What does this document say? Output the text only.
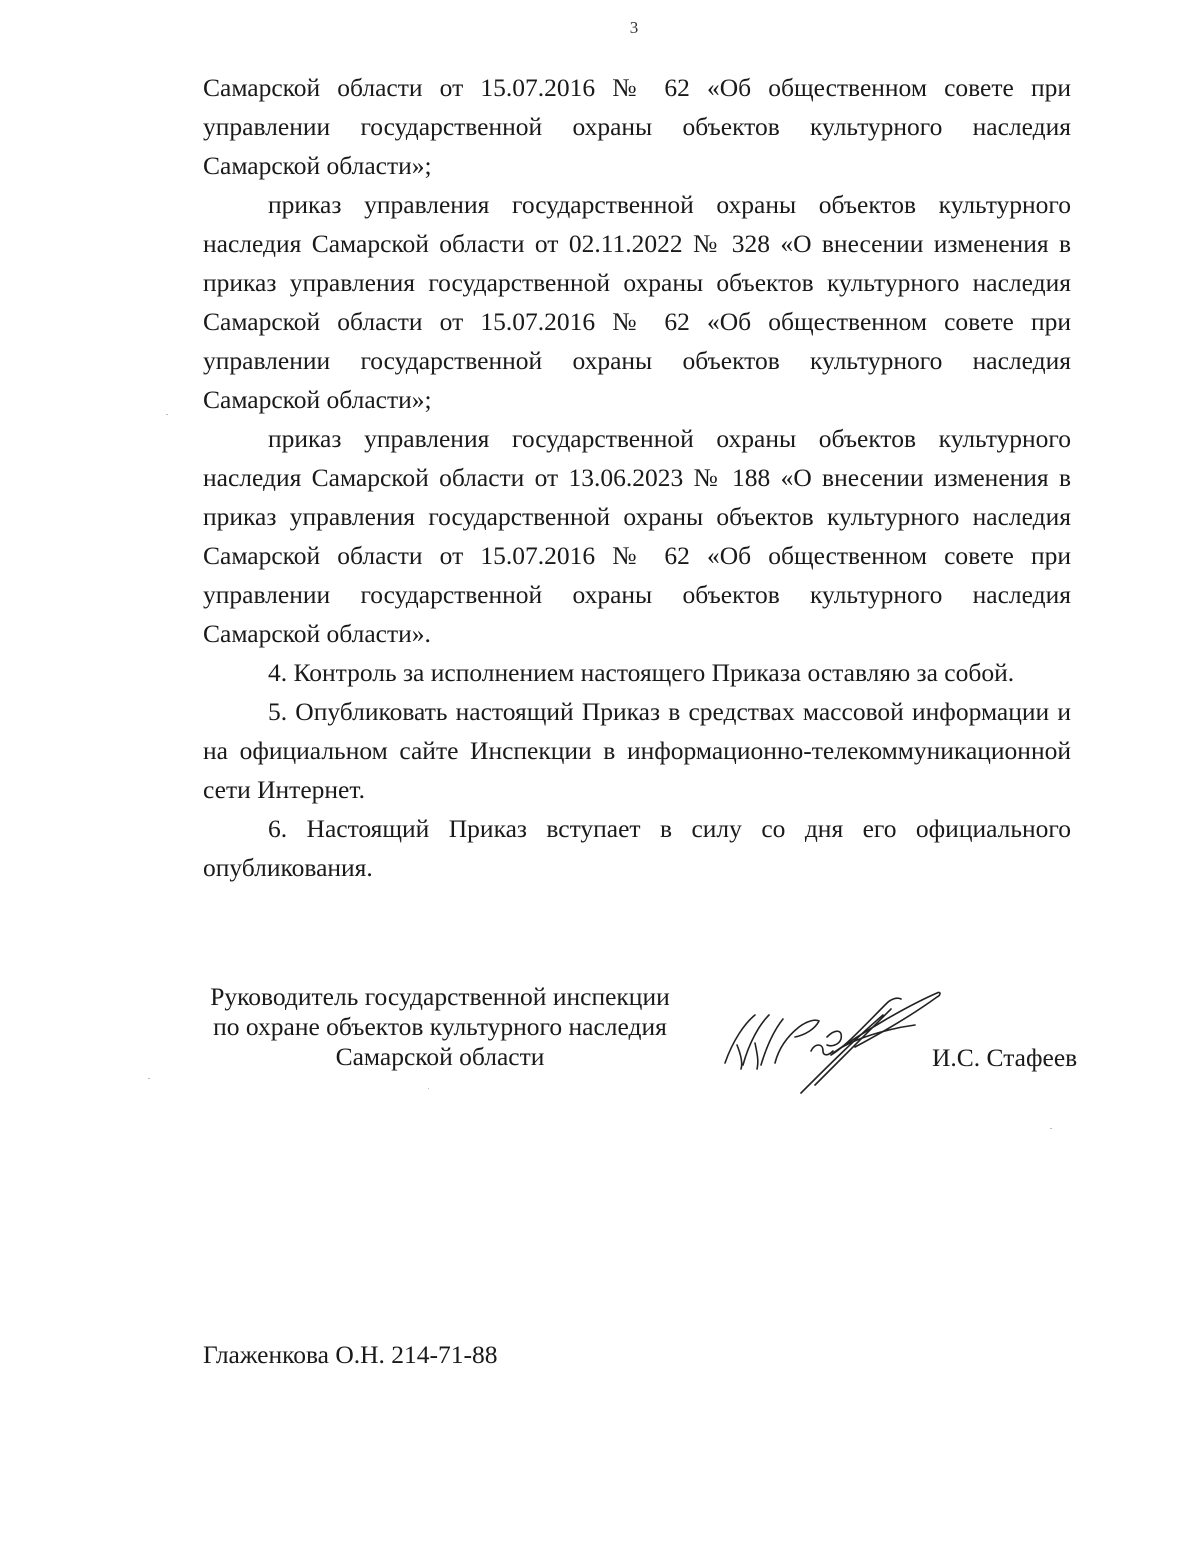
3

Самарской области от 15.07.2016 № 62 «Об общественном совете при управлении государственной охраны объектов культурного наследия Самарской области»;

приказ управления государственной охраны объектов культурного наследия Самарской области от 02.11.2022 № 328 «О внесении изменения в приказ управления государственной охраны объектов культурного наследия Самарской области от 15.07.2016 № 62 «Об общественном совете при управлении государственной охраны объектов культурного наследия Самарской области»;

приказ управления государственной охраны объектов культурного наследия Самарской области от 13.06.2023 № 188 «О внесении изменения в приказ управления государственной охраны объектов культурного наследия Самарской области от 15.07.2016 № 62 «Об общественном совете при управлении государственной охраны объектов культурного наследия Самарской области».

4. Контроль за исполнением настоящего Приказа оставляю за собой.

5. Опубликовать настоящий Приказ в средствах массовой информации и на официальном сайте Инспекции в информационно-телекоммуникационной сети Интернет.

6. Настоящий Приказ вступает в силу со дня его официального опубликования.

Руководитель государственной инспекции
по охране объектов культурного наследия
Самарской области	И.С. Стафеев
Глаженкова О.Н. 214-71-88
